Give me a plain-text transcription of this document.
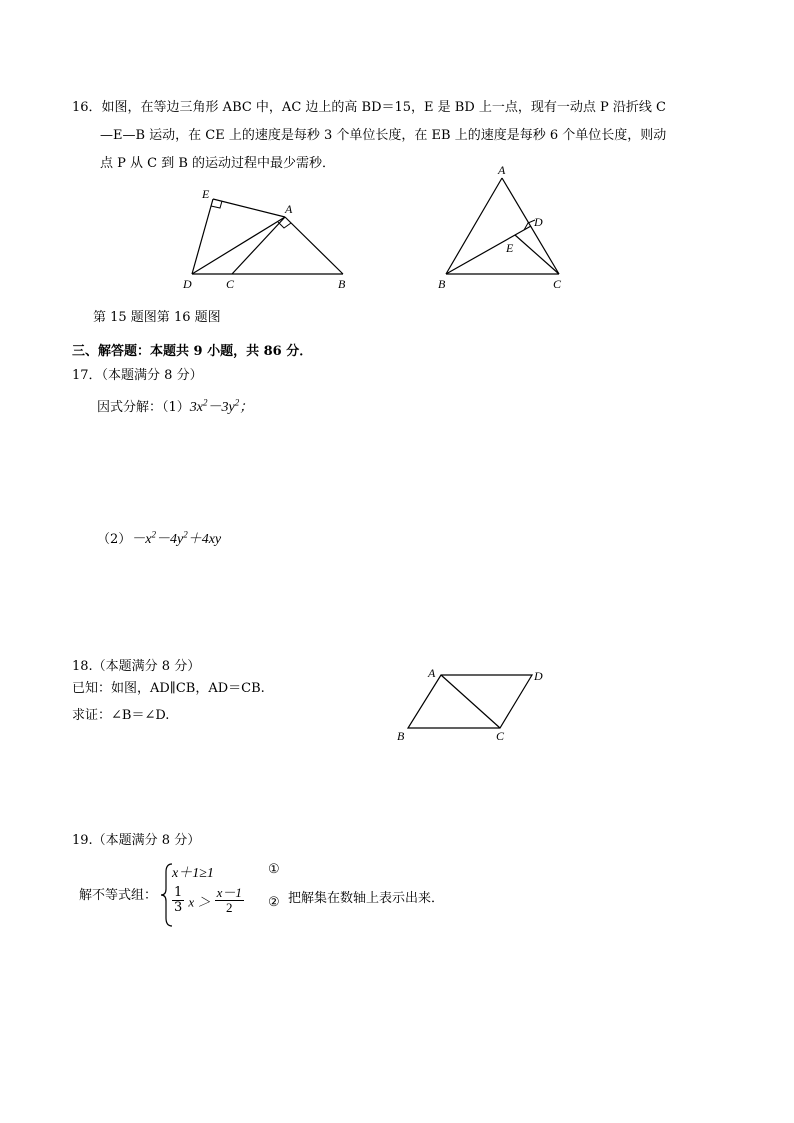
16．如图，在等边三角形 ABC 中，AC 边上的高 BD＝15，E 是 BD 上一点，现有一动点 P 沿折线 C
—E—B 运动，在 CE 上的速度是每秒 3 个单位长度，在 EB 上的速度是每秒 6 个单位长度，则动
点 P 从 C 到 B 的运动过程中最少需秒．
E
A
D	C	B
A
D
E
B	C
第 15 题图第 16 题图
三、解答题：本题共 9 小题，共 86 分．
17．（本题满分 8 分）
因式分解：$(1)3x^2-3y^2$；
$(2)-x^2-4y^2+4xy$
18.（本题满分 8 分）
已知：如图，AD∥CB，AD＝CB.
求证：∠B＝∠D.
A	D
B	C
19.（本题满分 8 分）
解不等式组：
x＋1≥1	①
$\frac{1}{3}$ $x > \frac{x-1}{2}$ ② 把解集在数轴上表示出来．
